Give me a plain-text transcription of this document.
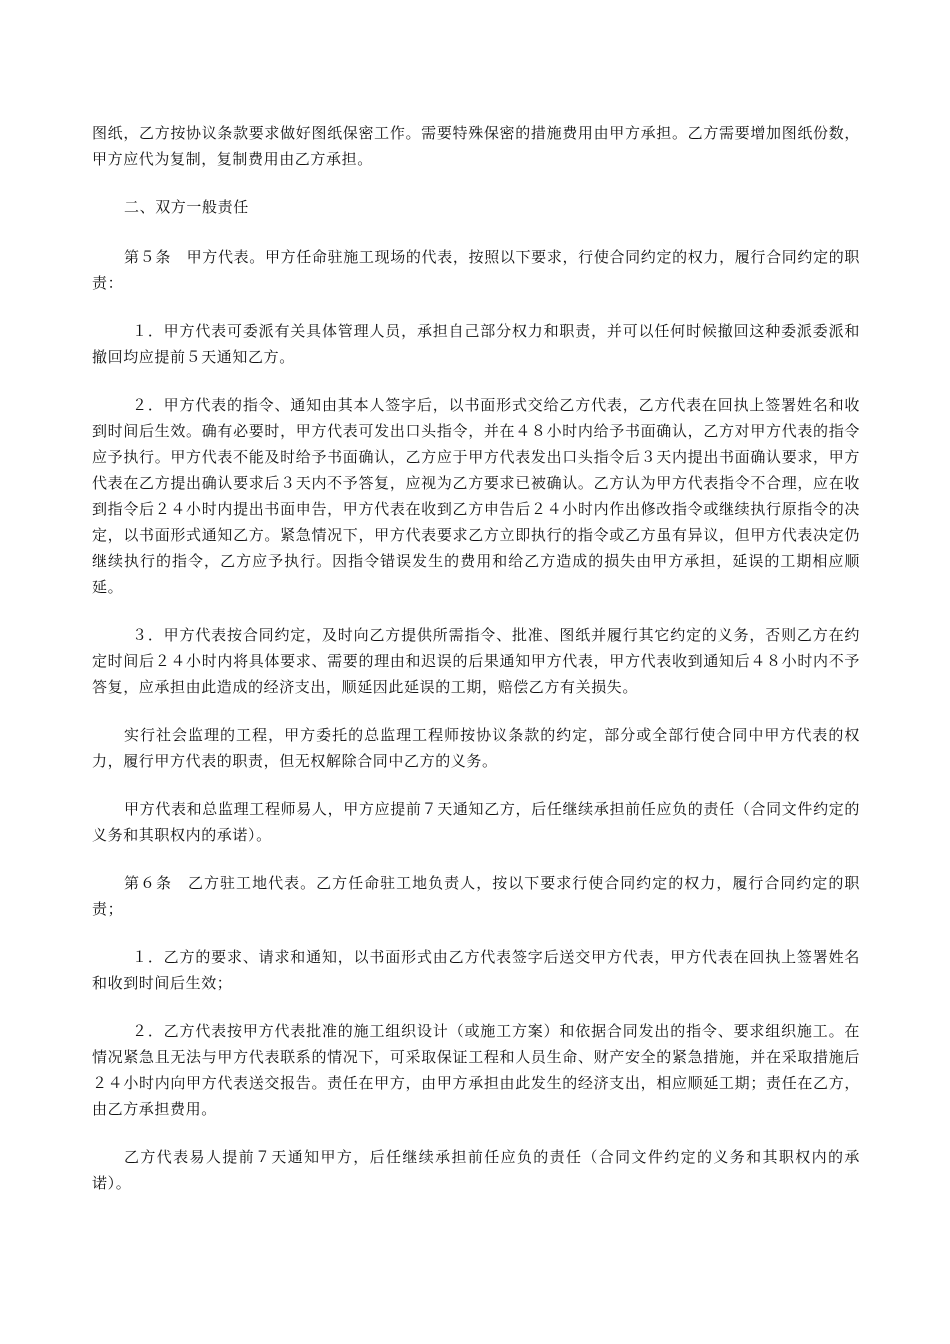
图纸，乙方按协议条款要求做好图纸保密工作。需要特殊保密的措施费用由甲方承担。乙方需要增加图纸份数，甲方应代为复制，复制费用由乙方承担。

二、双方一般责任

第５条　甲方代表。甲方任命驻施工现场的代表，按照以下要求，行使合同约定的权力，履行合同约定的职责：

１．甲方代表可委派有关具体管理人员，承担自己部分权力和职责，并可以任何时候撤回这种委派委派和撤回均应提前５天通知乙方。

２．甲方代表的指令、通知由其本人签字后，以书面形式交给乙方代表，乙方代表在回执上签署姓名和收到时间后生效。确有必要时，甲方代表可发出口头指令，并在４８小时内给予书面确认，乙方对甲方代表的指令应予执行。甲方代表不能及时给予书面确认，乙方应于甲方代表发出口头指令后３天内提出书面确认要求，甲方代表在乙方提出确认要求后３天内不予答复，应视为乙方要求已被确认。乙方认为甲方代表指令不合理，应在收到指令后２４小时内提出书面申告，甲方代表在收到乙方申告后２４小时内作出修改指令或继续执行原指令的决定，以书面形式通知乙方。紧急情况下，甲方代表要求乙方立即执行的指令或乙方虽有异议，但甲方代表决定仍继续执行的指令，乙方应予执行。因指令错误发生的费用和给乙方造成的损失由甲方承担，延误的工期相应顺延。

３．甲方代表按合同约定，及时向乙方提供所需指令、批准、图纸并履行其它约定的义务，否则乙方在约定时间后２４小时内将具体要求、需要的理由和迟误的后果通知甲方代表，甲方代表收到通知后４８小时内不予答复，应承担由此造成的经济支出，顺延因此延误的工期，赔偿乙方有关损失。

实行社会监理的工程，甲方委托的总监理工程师按协议条款的约定，部分或全部行使合同中甲方代表的权力，履行甲方代表的职责，但无权解除合同中乙方的义务。

甲方代表和总监理工程师易人，甲方应提前７天通知乙方，后任继续承担前任应负的责任（合同文件约定的义务和其职权内的承诺）。

第６条　乙方驻工地代表。乙方任命驻工地负责人，按以下要求行使合同约定的权力，履行合同约定的职责；

１．乙方的要求、请求和通知，以书面形式由乙方代表签字后送交甲方代表，甲方代表在回执上签署姓名和收到时间后生效；

２．乙方代表按甲方代表批准的施工组织设计（或施工方案）和依据合同发出的指令、要求组织施工。在情况紧急且无法与甲方代表联系的情况下，可采取保证工程和人员生命、财产安全的紧急措施，并在采取措施后２４小时内向甲方代表送交报告。责任在甲方，由甲方承担由此发生的经济支出，相应顺延工期；责任在乙方，由乙方承担费用。

乙方代表易人提前７天通知甲方，后任继续承担前任应负的责任（合同文件约定的义务和其职权内的承诺）。
